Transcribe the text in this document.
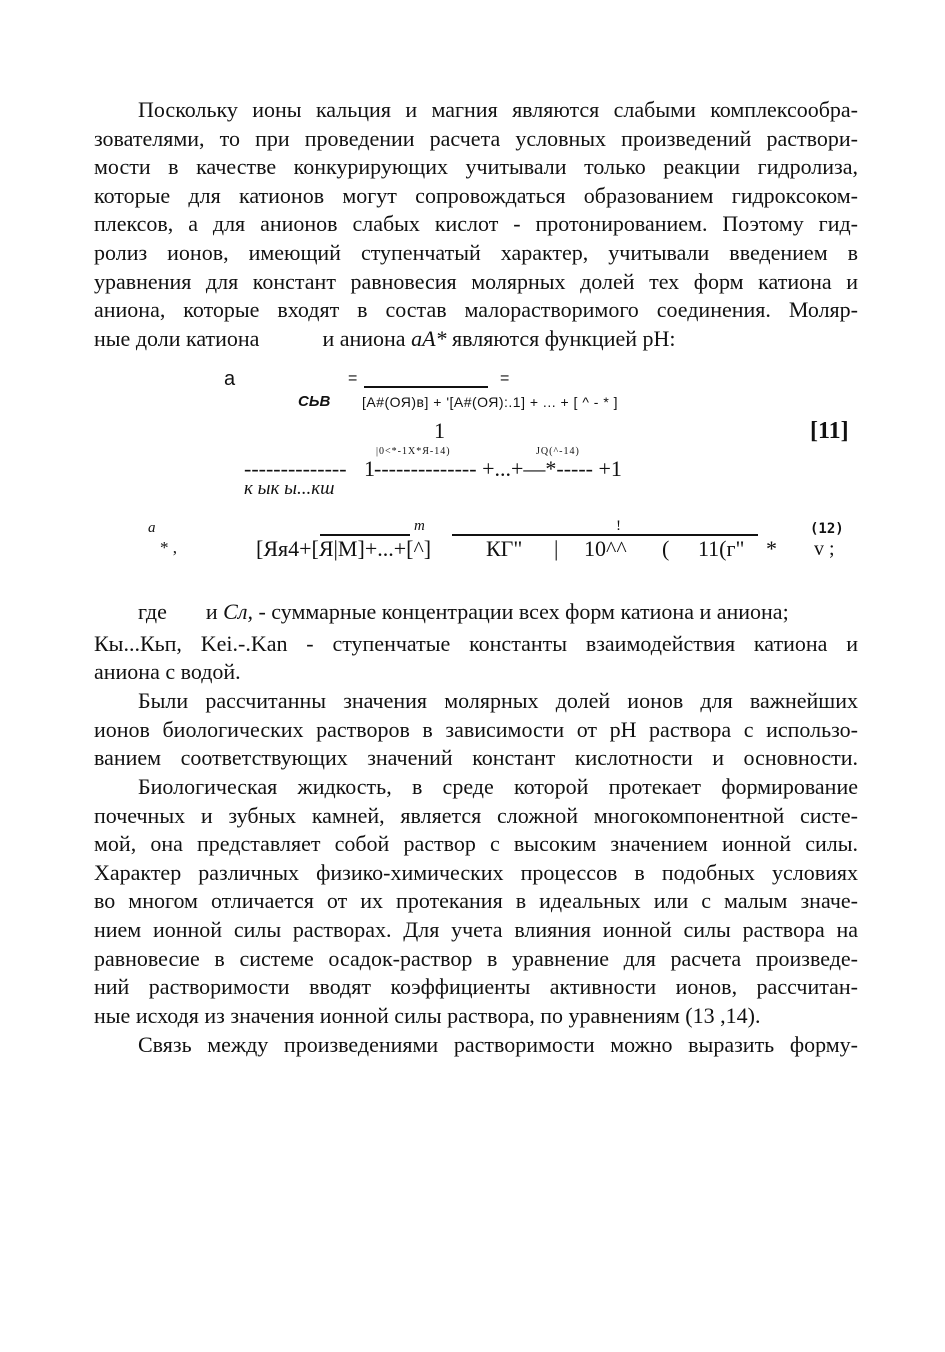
Поскольку ионы кальция и магния являются слабыми комплексообра-
зователями, то при проведении расчета условных произведений раствори-
мости в качестве конкурирующих учитывали только реакции гидролиза,
которые для катионов могут сопровождаться образованием гидроксоком-
плексов, а для анионов слабых кислот - протонированием. Поэтому гид-
ролиз ионов, имеющий ступенчатый характер, учитывали введением в
уравнения для констант равновесия молярных долей тех форм катиона и
аниона, которые входят в состав малорастворимого соединения. Моляр-
ные доли катиона	и аниона аА* являются функцией pH:
а	=	=
СЬВ [А#(ОЯ)в] + '[А#(ОЯ):.1] + ... + [ ^ - * ]
1	[11]
|0<*-1Х*Я-14)	JQ(^-14)
-------------- 1 -------------- +...+—*----- +1
к ык ы...кш
а
* ,
m	!	(12)
[Яя4+[Я|М]+...+[^] КГ" | 10^^ ( 11(г" * v ;
где и Сл, - суммарные концентрации всех форм катиона и аниона;
Кы...Кьп, Kei.-.Kan - ступенчатые константы взаимодействия катиона и
аниона с водой.
Были рассчитанны значения молярных долей ионов для важнейших
ионов биологических растворов в зависимости от pH раствора с использо-
ванием соответствующих значений констант кислотности и основности.
Биологическая жидкость, в среде которой протекает формирование
почечных и зубных камней, является сложной многокомпонентной систе-
мой, она представляет собой раствор с высоким значением ионной силы.
Характер различных физико-химических процессов в подобных условиях
во многом отличается от их протекания в идеальных или с малым значе-
нием ионной силы растворах. Для учета влияния ионной силы раствора на
равновесие в системе осадок-раствор в уравнение для расчета произведе-
ний растворимости вводят коэффициенты активности ионов, рассчитан-
ные исходя из значения ионной силы раствора, по уравнениям (13 ,14).
Связь между произведениями растворимости можно выразить форму-
